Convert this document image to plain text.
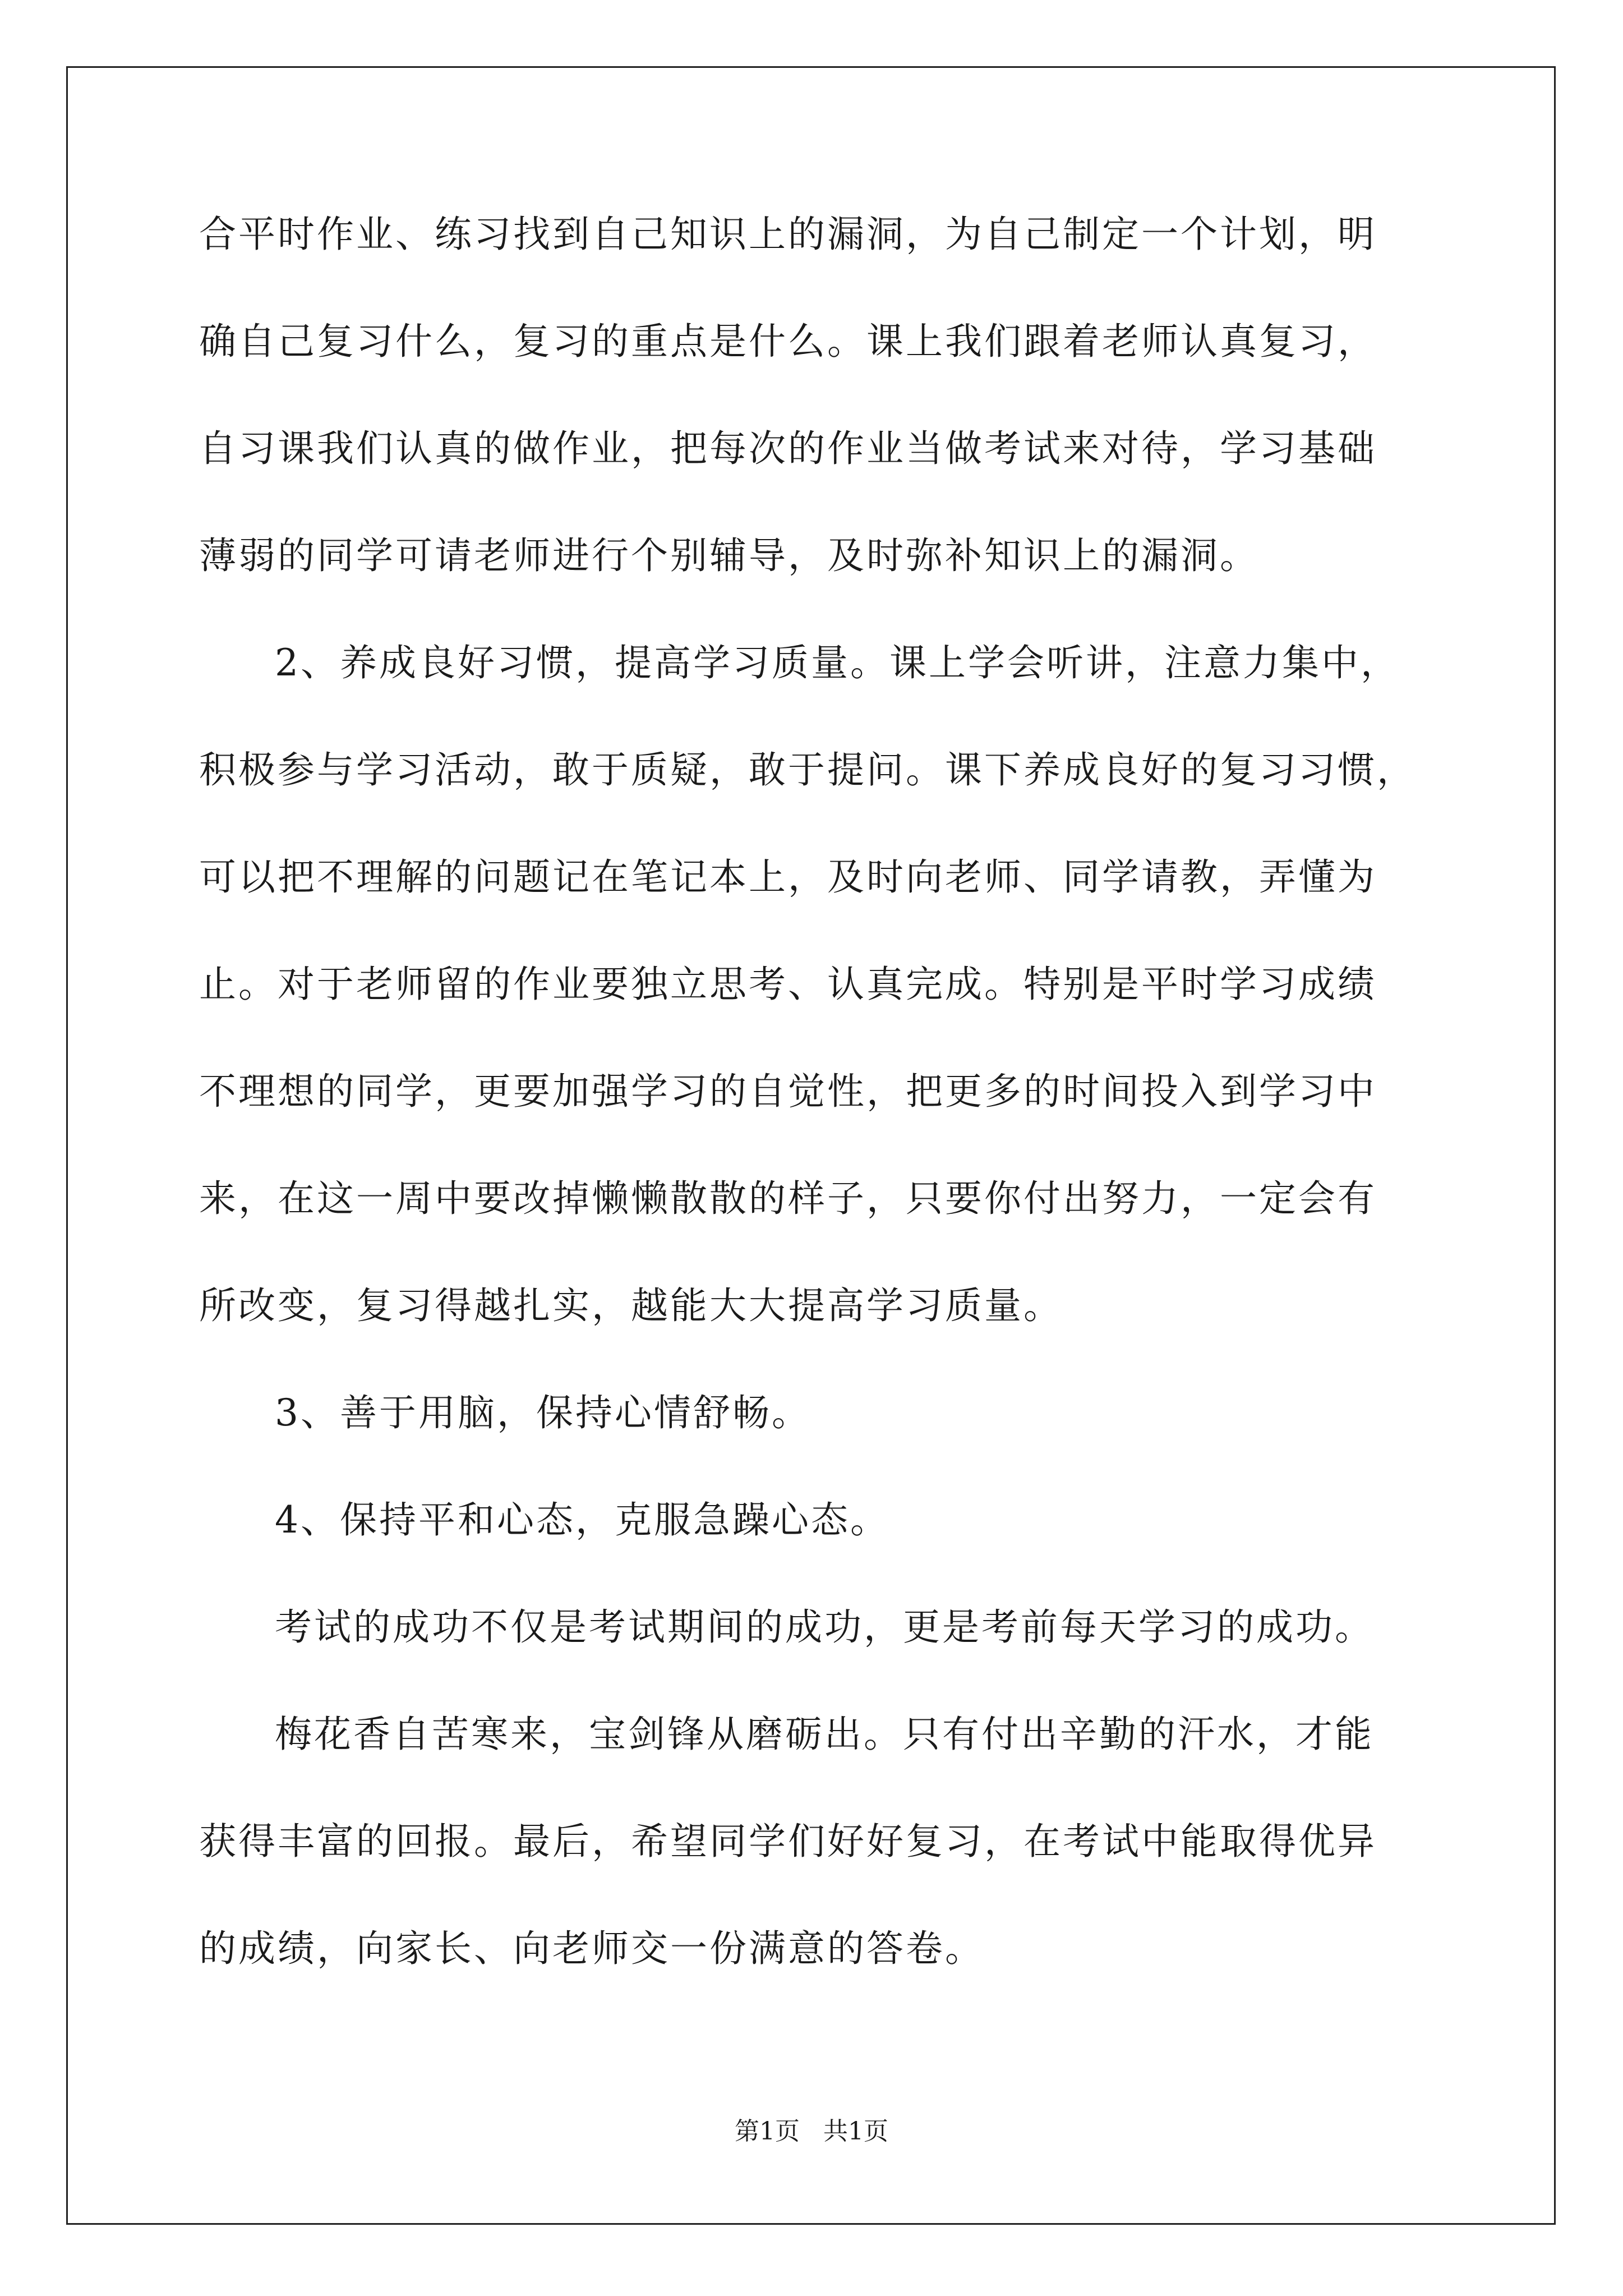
合平时作业、练习找到自己知识上的漏洞，为自己制定一个计划，明
确自己复习什么，复习的重点是什么。课上我们跟着老师认真复习，
自习课我们认真的做作业，把每次的作业当做考试来对待，学习基础
薄弱的同学可请老师进行个别辅导，及时弥补知识上的漏洞。
2、养成良好习惯，提高学习质量。课上学会听讲，注意力集中，
积极参与学习活动，敢于质疑，敢于提问。课下养成良好的复习习惯，
可以把不理解的问题记在笔记本上，及时向老师、同学请教，弄懂为
止。对于老师留的作业要独立思考、认真完成。特别是平时学习成绩
不理想的同学，更要加强学习的自觉性，把更多的时间投入到学习中
来，在这一周中要改掉懒懒散散的样子，只要你付出努力，一定会有
所改变，复习得越扎实，越能大大提高学习质量。
3、善于用脑，保持心情舒畅。
4、保持平和心态，克服急躁心态。
考试的成功不仅是考试期间的成功，更是考前每天学习的成功。
梅花香自苦寒来，宝剑锋从磨砺出。只有付出辛勤的汗水，才能
获得丰富的回报。最后，希望同学们好好复习，在考试中能取得优异
的成绩，向家长、向老师交一份满意的答卷。
第1页   共1页
